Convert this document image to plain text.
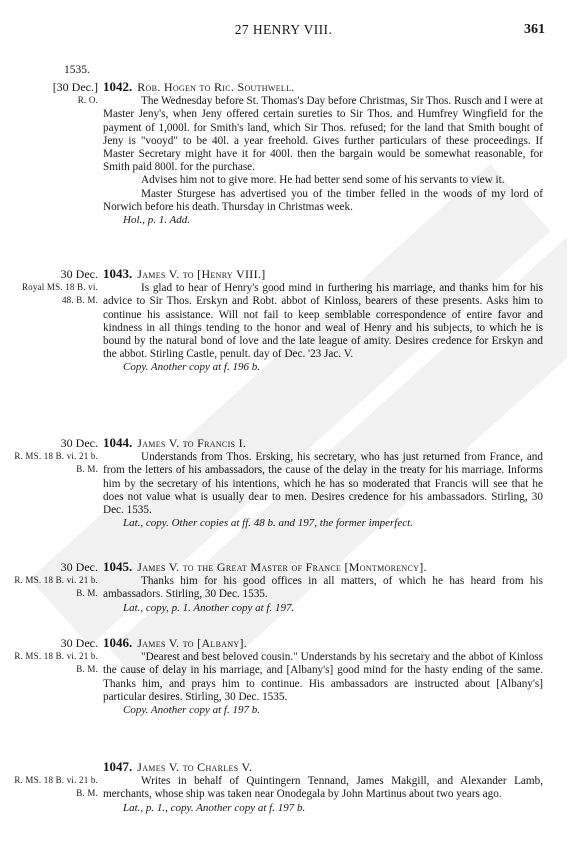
27 HENRY VIII.	361
1535.
[30 Dec.]
R. O.
1042. Rob. Hogen to Ric. Southwell.

The Wednesday before St. Thomas's Day before Christmas, Sir Thos. Rusch and I were at Master Jeny's, when Jeny offered certain sureties to Sir Thos. and Humfrey Wingfield for the payment of 1,000l. for Smith's land, which Sir Thos. refused; for the land that Smith bought of Jeny is "vooyd" to be 40l. a year freehold. Gives further particulars of these proceedings. If Master Secretary might have it for 400l. then the bargain would be somewhat reasonable, for Smith paid 800l. for the purchase.

Advises him not to give more. He had better send some of his servants to view it.

Master Sturgese has advertised you of the timber felled in the woods of my lord of Norwich before his death. Thursday in Christmas week.

Hol., p. 1. Add.
30 Dec.
Royal MS. 18 B. vi. 48. B. M.
1043. James V. to [Henry VIII.]

Is glad to hear of Henry's good mind in furthering his marriage, and thanks him for his advice to Sir Thos. Erskyn and Robt. abbot of Kinloss, bearers of these presents. Asks him to continue his assistance. Will not fail to keep semblable correspondence of entire favor and kindness in all things tending to the honor and weal of Henry and his subjects, to which he is bound by the natural bond of love and the late league of amity. Desires credence for Erskyn and the abbot. Stirling Castle, penult. day of Dec. '23 Jac. V.

Copy. Another copy at f. 196 b.
30 Dec.
R. MS. 18 B. vi. 21 b. B. M.
1044. James V. to Francis I.

Understands from Thos. Ersking, his secretary, who has just returned from France, and from the letters of his ambassadors, the cause of the delay in the treaty for his marriage. Informs him by the secretary of his intentions, which he has so moderated that Francis will see that he does not value what is usually dear to men. Desires credence for his ambassadors. Stirling, 30 Dec. 1535.

Lat., copy. Other copies at ff. 48 b. and 197, the former imperfect.
30 Dec.
R. MS. 18 B. vi. 21 b. B. M.
1045. James V. to the Great Master of France [Montmorency].

Thanks him for his good offices in all matters, of which he has heard from his ambassadors. Stirling, 30 Dec. 1535.

Lat., copy, p. 1. Another copy at f. 197.
30 Dec.
R. MS. 18 B. vi. 21 b. B. M.
1046. James V. to [Albany].

"Dearest and best beloved cousin." Understands by his secretary and the abbot of Kinloss the cause of delay in his marriage, and [Albany's] good mind for the hasty ending of the same. Thanks him, and prays him to continue. His ambassadors are instructed about [Albany's] particular desires. Stirling, 30 Dec. 1535.

Copy. Another copy at f. 197 b.
R. MS. 18 B. vi. 21 b. B. M.
1047. James V. to Charles V.

Writes in behalf of Quintingern Tennand, James Makgill, and Alexander Lamb, merchants, whose ship was taken near Onodegala by John Martinus about two years ago.

Lat., p. 1., copy. Another copy at f. 197 b.
